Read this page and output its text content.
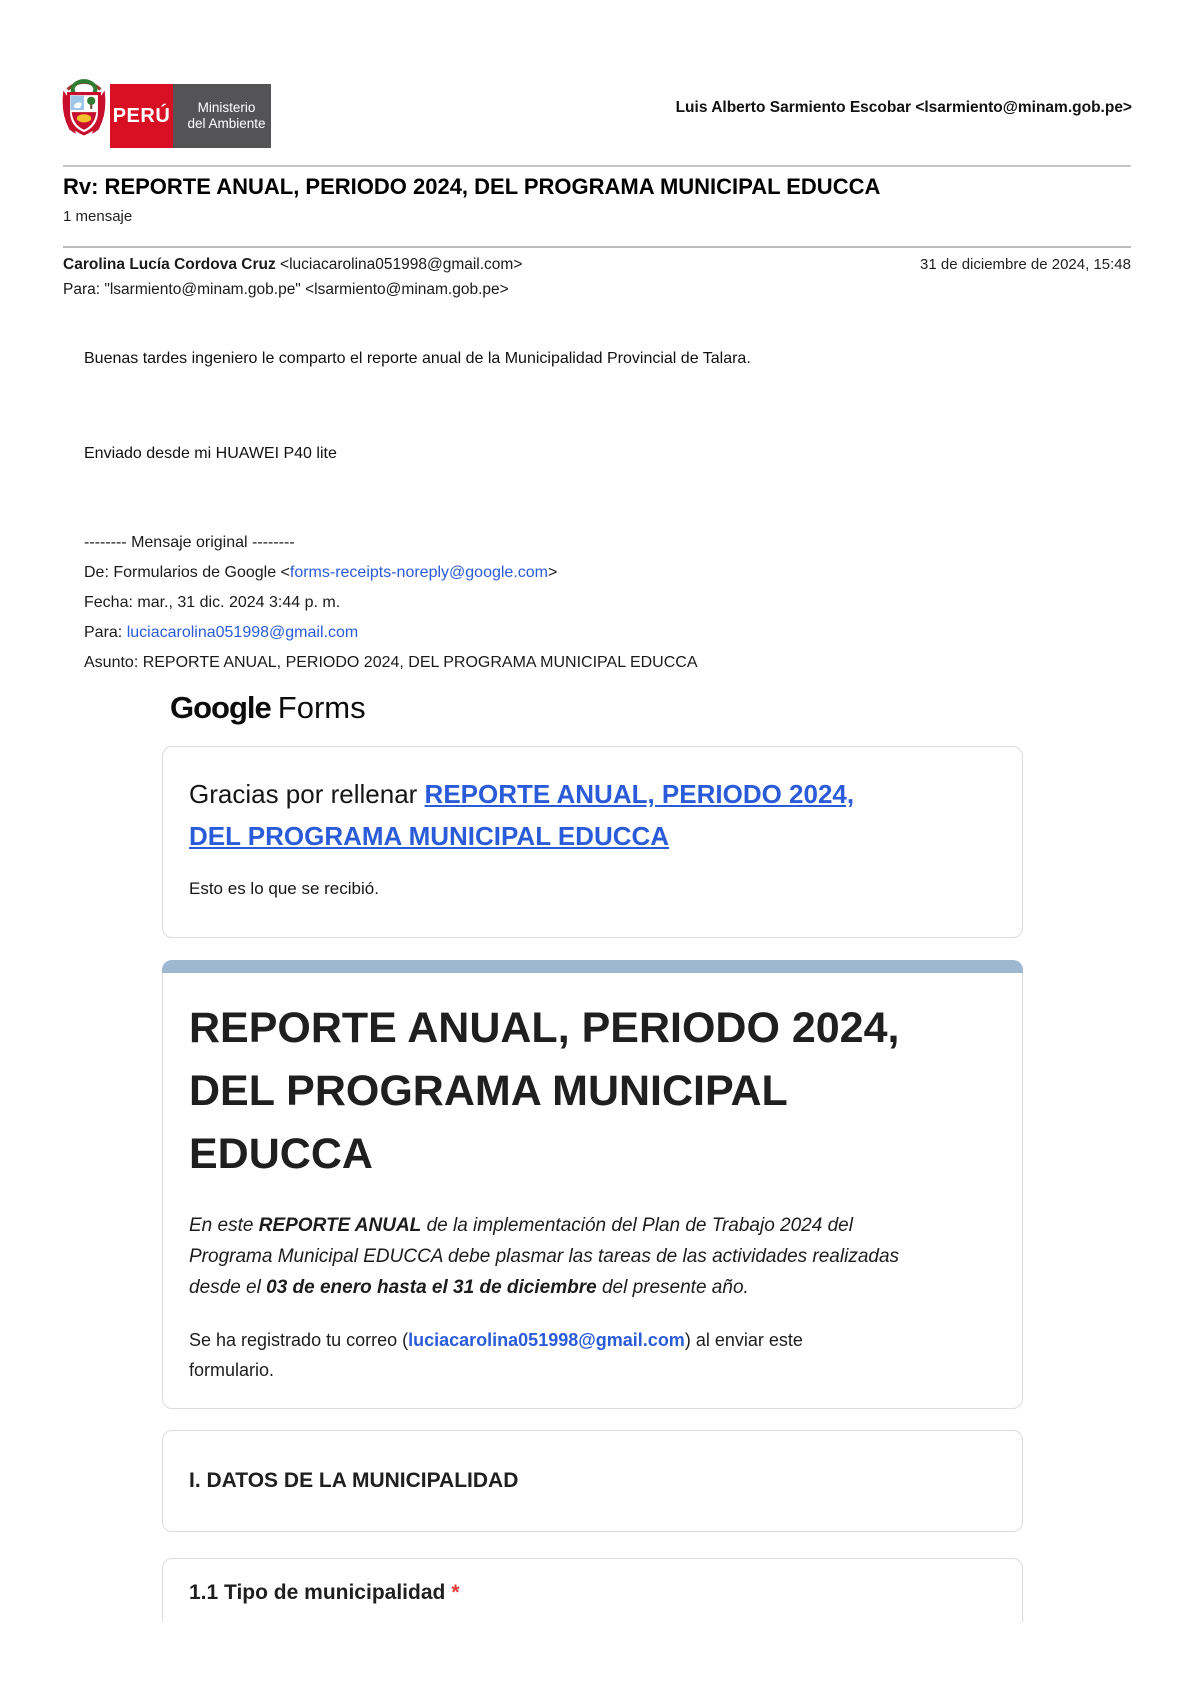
PERÚ Ministerio
del Ambiente
Luis Alberto Sarmiento Escobar <lsarmiento@minam.gob.pe>
Rv: REPORTE ANUAL, PERIODO 2024, DEL PROGRAMA MUNICIPAL EDUCCA
1 mensaje
Carolina Lucía Cordova Cruz <luciacarolina051998@gmail.com>	31 de diciembre de 2024, 15:48
Para: "lsarmiento@minam.gob.pe" <lsarmiento@minam.gob.pe>
Buenas tardes ingeniero le comparto el reporte anual de la Municipalidad Provincial de Talara.
Enviado desde mi HUAWEI P40 lite
-------- Mensaje original --------
De: Formularios de Google <forms-receipts-noreply@google.com>
Fecha: mar., 31 dic. 2024 3:44 p. m.
Para: luciacarolina051998@gmail.com
Asunto: REPORTE ANUAL, PERIODO 2024, DEL PROGRAMA MUNICIPAL EDUCCA
Google Forms
Gracias por rellenar REPORTE ANUAL, PERIODO 2024,
DEL PROGRAMA MUNICIPAL EDUCCA
Esto es lo que se recibió.
REPORTE ANUAL, PERIODO 2024,
DEL PROGRAMA MUNICIPAL
EDUCCA
En este REPORTE ANUAL de la implementación del Plan de Trabajo 2024 del Programa Municipal EDUCCA debe plasmar las tareas de las actividades realizadas desde el 03 de enero hasta el 31 de diciembre del presente año.
Se ha registrado tu correo (luciacarolina051998@gmail.com) al enviar este formulario.
I. DATOS DE LA MUNICIPALIDAD
1.1 Tipo de municipalidad *
